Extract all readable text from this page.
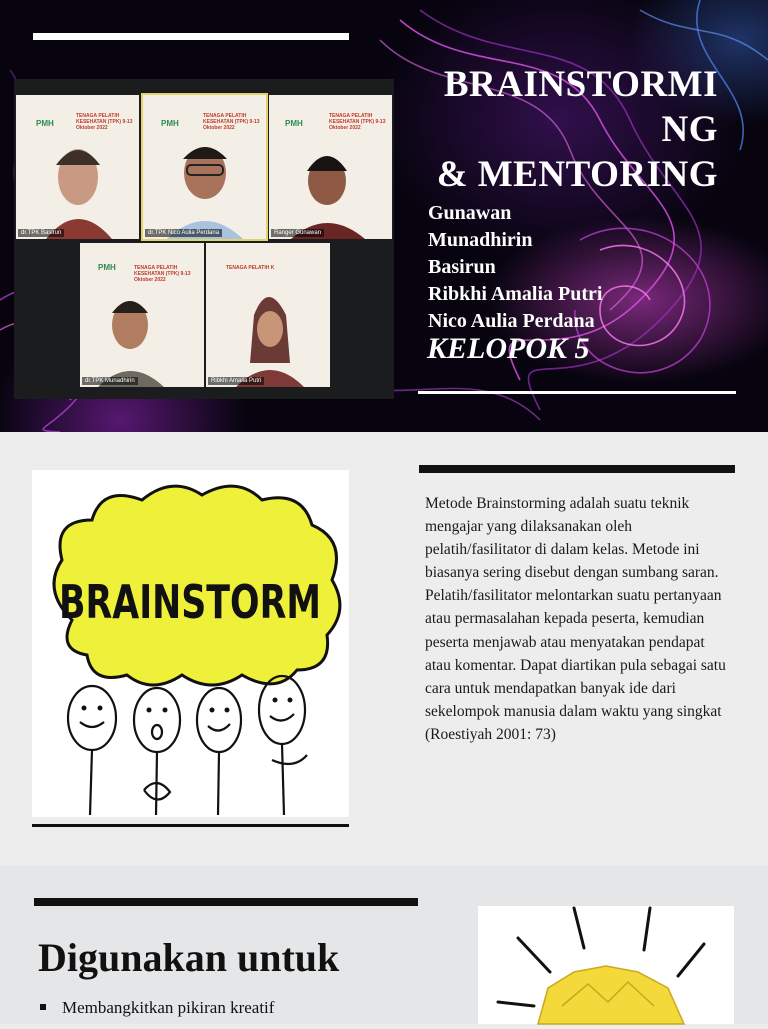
PMH
TENAGA PELATIH KESEHATAN (TPK) 9-13 Oktober 2022
dr.TPK Basirun
PMH
TENAGA PELATIH KESEHATAN (TPK) 9-13 Oktober 2022
dr.TPK Nico Aulia Perdana
PMH
TENAGA PELATIH KESEHATAN (TPK) 9-13 Oktober 2022
Ranger Gunawan
PMH	TENAGA PELATIH KESEHATAN (TPK) 9-13 Oktober 2022
dr.TPK Munadhirin
TENAGA PELATIH K
Ribkhi Amalia Putri
BRAINSTORMI
NG
& MENTORING
Gunawan
Munadhirin
Basirun
Ribkhi Amalia Putri
Nico Aulia Perdana
KELOPOK 5
BRAINSTORM

Metode Brainstorming adalah suatu teknik mengajar yang dilaksanakan oleh pelatih/fasilitator di dalam kelas. Metode ini biasanya sering disebut dengan sumbang saran. Pelatih/fasilitator melontarkan suatu pertanyaan atau permasalahan kepada peserta, kemudian peserta menjawab atau menyatakan pendapat atau komentar. Dapat diartikan pula sebagai satu cara untuk mendapatkan banyak ide dari sekelompok manusia dalam waktu yang singkat (Roestiyah 2001: 73)

Digunakan untuk
Membangkitkan pikiran kreatif
